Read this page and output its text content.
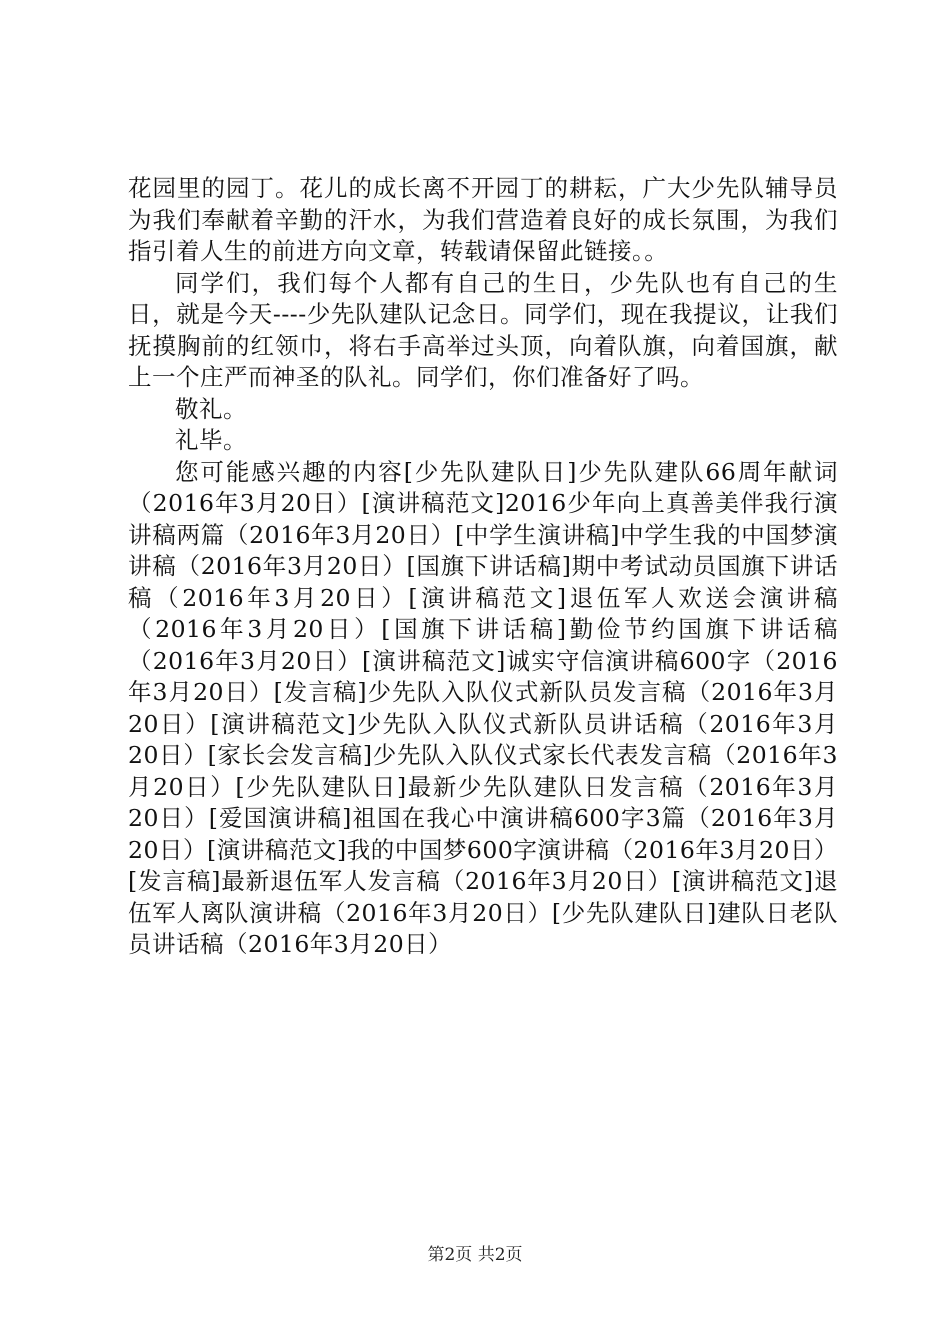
花园里的园丁。花儿的成长离不开园丁的耕耘，广大少先队辅导员为我们奉献着辛勤的汗水，为我们营造着良好的成长氛围，为我们指引着人生的前进方向文章，转载请保留此链接。。

同学们，我们每个人都有自己的生日，少先队也有自己的生日，就是今天----少先队建队记念日。同学们，现在我提议，让我们抚摸胸前的红领巾，将右手高举过头顶，向着队旗，向着国旗，献上一个庄严而神圣的队礼。同学们，你们准备好了吗。

敬礼。

礼毕。

您可能感兴趣的内容[少先队建队日]少先队建队66周年献词（2016年3月20日）[演讲稿范文]2016少年向上真善美伴我行演讲稿两篇（2016年3月20日）[中学生演讲稿]中学生我的中国梦演讲稿（2016年3月20日）[国旗下讲话稿]期中考试动员国旗下讲话稿（2016年3月20日）[演讲稿范文]退伍军人欢送会演讲稿（2016年3月20日）[国旗下讲话稿]勤俭节约国旗下讲话稿（2016年3月20日）[演讲稿范文]诚实守信演讲稿600字（2016年3月20日）[发言稿]少先队入队仪式新队员发言稿（2016年3月20日）[演讲稿范文]少先队入队仪式新队员讲话稿（2016年3月20日）[家长会发言稿]少先队入队仪式家长代表发言稿（2016年3月20日）[少先队建队日]最新少先队建队日发言稿（2016年3月20日）[爱国演讲稿]祖国在我心中演讲稿600字3篇（2016年3月20日）[演讲稿范文]我的中国梦600字演讲稿（2016年3月20日）[发言稿]最新退伍军人发言稿（2016年3月20日）[演讲稿范文]退伍军人离队演讲稿（2016年3月20日）[少先队建队日]建队日老队员讲话稿（2016年3月20日）

第2页 共2页
